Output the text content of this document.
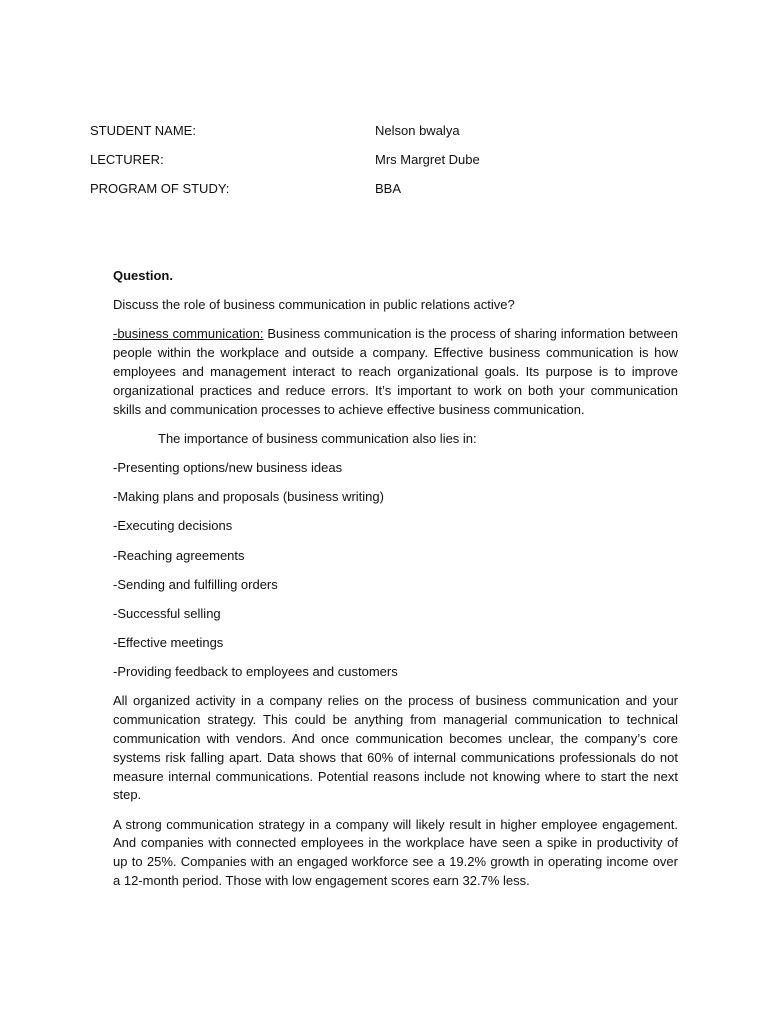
STUDENT NAME:	Nelson bwalya
LECTURER:	Mrs Margret Dube
PROGRAM OF STUDY:	BBA

Question.

Discuss the role of business communication in public relations active?

-business communication: Business communication is the process of sharing information between people within the workplace and outside a company. Effective business communication is how employees and management interact to reach organizational goals. Its purpose is to improve organizational practices and reduce errors. It’s important to work on both your communication skills and communication processes to achieve effective business communication.

The importance of business communication also lies in:

-Presenting options/new business ideas
-Making plans and proposals (business writing)
-Executing decisions
-Reaching agreements
-Sending and fulfilling orders
-Successful selling
-Effective meetings
-Providing feedback to employees and customers

All organized activity in a company relies on the process of business communication and your communication strategy. This could be anything from managerial communication to technical communication with vendors. And once communication becomes unclear, the company’s core systems risk falling apart. Data shows that 60% of internal communications professionals do not measure internal communications. Potential reasons include not knowing where to start the next step.

A strong communication strategy in a company will likely result in higher employee engagement. And companies with connected employees in the workplace have seen a spike in productivity of up to 25%. Companies with an engaged workforce see a 19.2% growth in operating income over a 12-month period. Those with low engagement scores earn 32.7% less.
